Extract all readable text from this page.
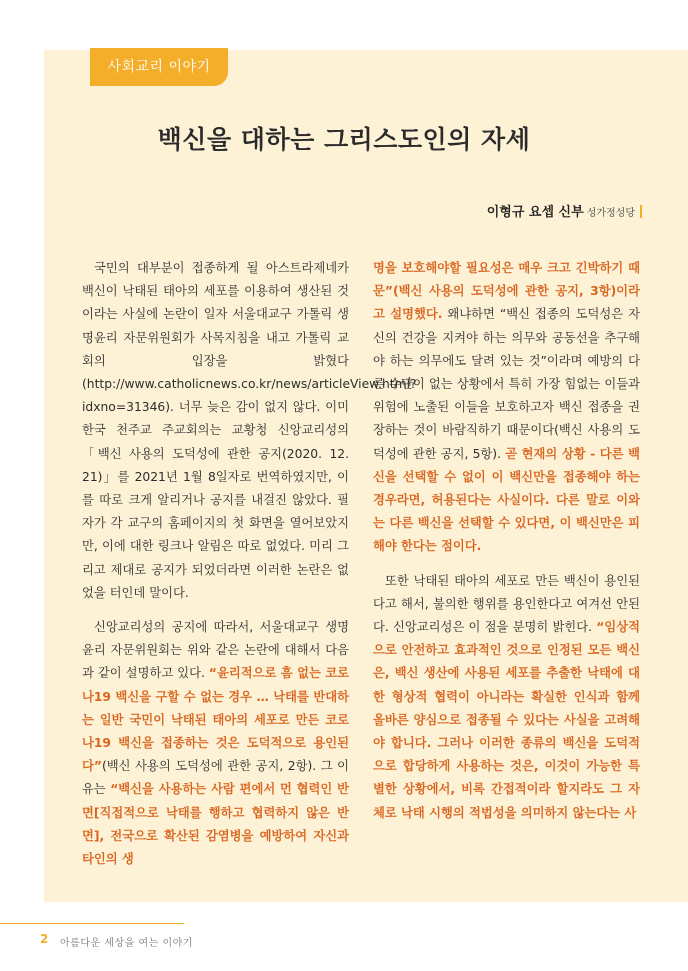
사회교리 이야기
백신을 대하는 그리스도인의 자세
이형규 요셉 신부 성가정성당

국민의 대부분이 접종하게 될 아스트라제네카 백신이 낙태된 태아의 세포를 이용하여 생산된 것이라는 사실에 논란이 일자 서울대교구 가톨릭 생명윤리 자문위원회가 사목지침을 내고 가톨릭 교회의 입장을 밝혔다(http://www.catholicnews.co.kr/news/articleView.html?idxno=31346). 너무 늦은 감이 없지 않다. 이미 한국 천주교 주교회의는 교황청 신앙교리성의 「백신 사용의 도덕성에 관한 공지(2020. 12. 21)」를 2021년 1월 8일자로 번역하였지만, 이를 따로 크게 알리거나 공지를 내걸진 않았다. 필자가 각 교구의 홈페이지의 첫 화면을 열어보았지만, 이에 대한 링크나 알림은 따로 없었다. 미리 그리고 제대로 공지가 되었더라면 이러한 논란은 없었을 터인데 말이다.

신앙교리성의 공지에 따라서, 서울대교구 생명윤리 자문위원회는 위와 같은 논란에 대해서 다음과 같이 설명하고 있다. “윤리적으로 흠 없는 코로나19 백신을 구할 수 없는 경우 … 낙태를 반대하는 일반 국민이 낙태된 태아의 세포로 만든 코로나19 백신을 접종하는 것은 도덕적으로 용인된다”(백신 사용의 도덕성에 관한 공지, 2항). 그 이유는 “백신을 사용하는 사람 편에서 먼 협력인 반면[직접적으로 낙태를 행하고 협력하지 않은 반면], 전국으로 확산된 감염병을 예방하여 자신과 타인의 생

명을 보호해야할 필요성은 매우 크고 긴박하기 때문”(백신 사용의 도덕성에 관한 공지, 3항)이라고 설명했다. 왜냐하면 “백신 접종의 도덕성은 자신의 건강을 지켜야 하는 의무와 공동선을 추구해야 하는 의무에도 달려 있는 것”이라며 예방의 다른 수단이 없는 상황에서 특히 가장 힘없는 이들과 위험에 노출된 이들을 보호하고자 백신 접종을 권장하는 것이 바람직하기 때문이다(백신 사용의 도덕성에 관한 공지, 5항). 곧 현재의 상황 - 다른 백신을 선택할 수 없이 이 백신만을 접종해야 하는 경우라면, 허용된다는 사실이다. 다른 말로 이와는 다른 백신을 선택할 수 있다면, 이 백신만은 피해야 한다는 점이다.

또한 낙태된 태아의 세포로 만든 백신이 용인된다고 해서, 불의한 행위를 용인한다고 여겨선 안된다. 신앙교리성은 이 점을 분명히 밝힌다. “임상적으로 안전하고 효과적인 것으로 인정된 모든 백신은, 백신 생산에 사용된 세포를 추출한 낙태에 대한 형상적 협력이 아니라는 확실한 인식과 함께 올바른 양심으로 접종될 수 있다는 사실을 고려해야 합니다. 그러나 이러한 종류의 백신을 도덕적으로 합당하게 사용하는 것은, 이것이 가능한 특별한 상황에서, 비록 간접적이라 할지라도 그 자체로 낙태 시행의 적법성을 의미하지 않는다는 사

2 아름다운 세상을 여는 이야기
